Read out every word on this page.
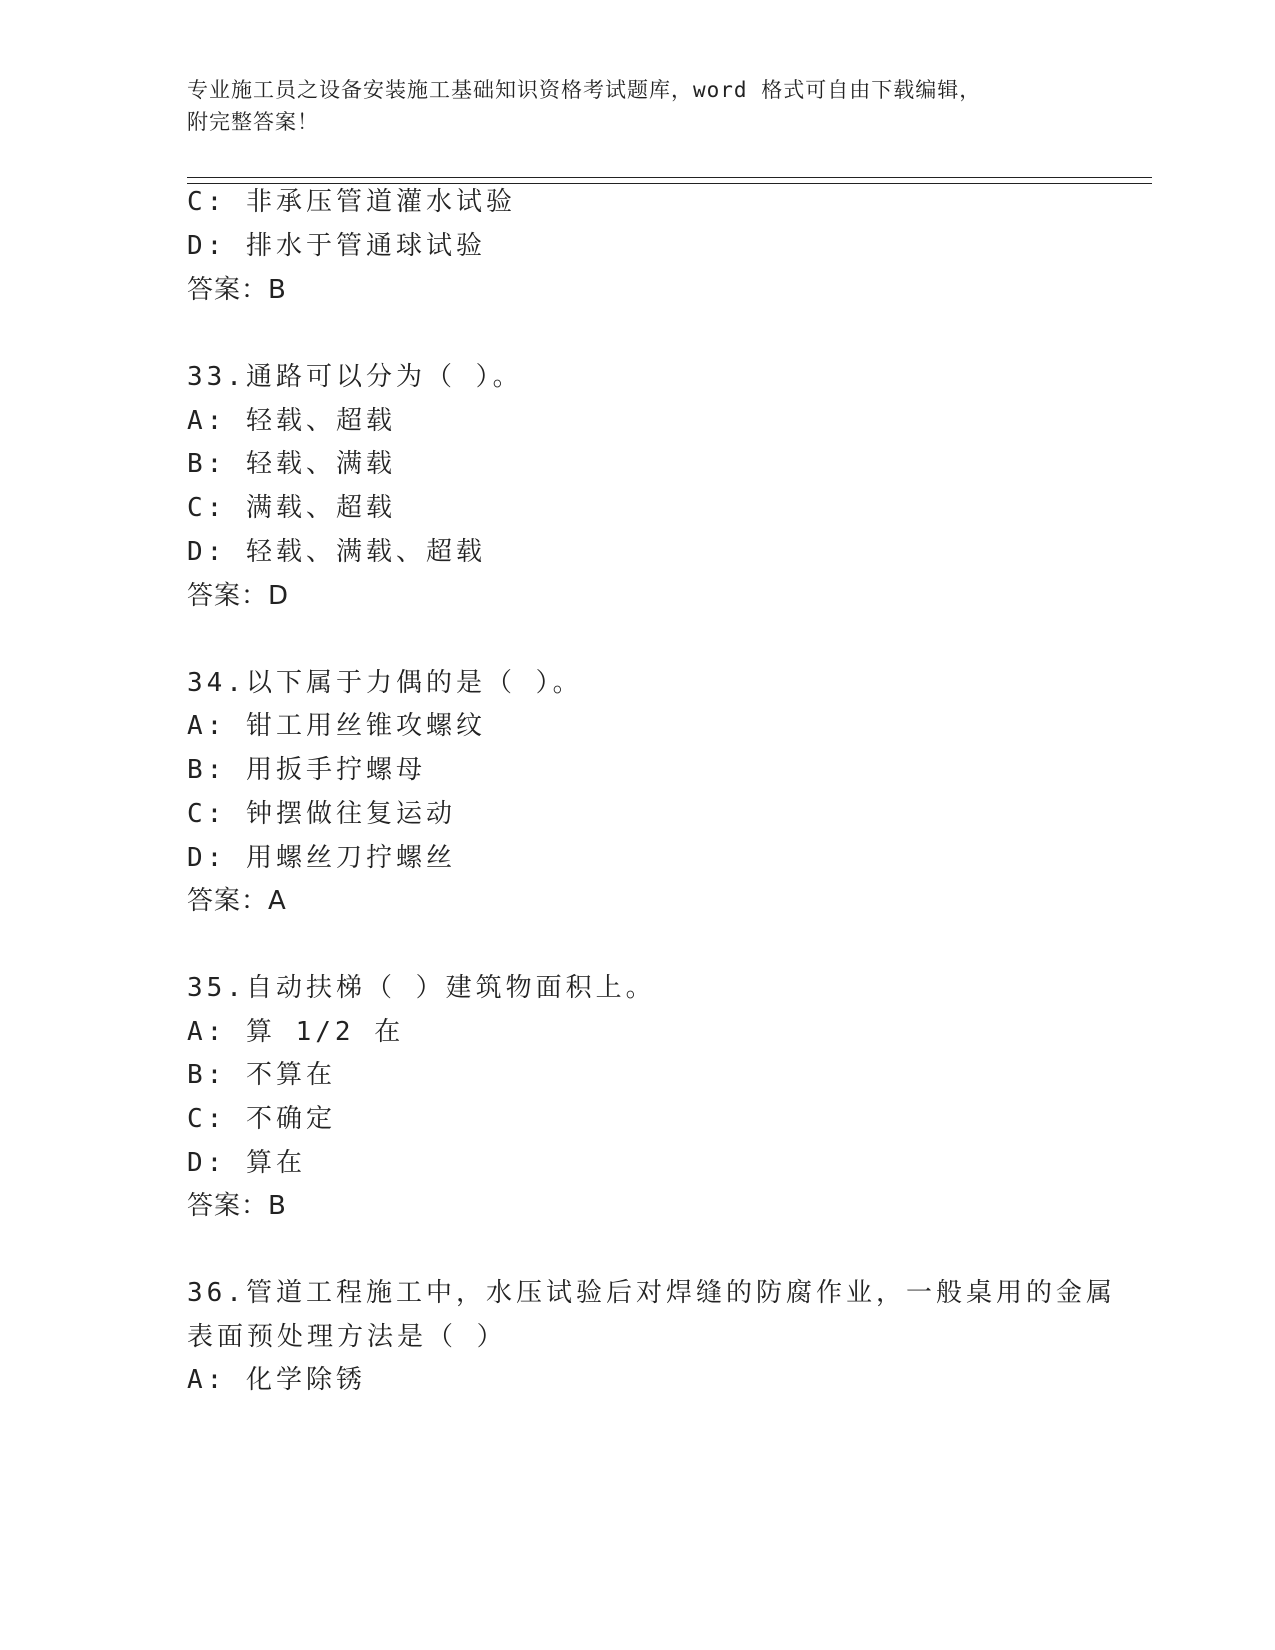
专业施工员之设备安装施工基础知识资格考试题库，word 格式可自由下载编辑，
附完整答案！
C: 非承压管道灌水试验
D: 排水于管通球试验
答案：B
33.通路可以分为（ ）。
A: 轻载、超载
B: 轻载、满载
C: 满载、超载
D: 轻载、满载、超载
答案：D
34.以下属于力偶的是（ ）。
A: 钳工用丝锥攻螺纹
B: 用扳手拧螺母
C: 钟摆做往复运动
D: 用螺丝刀拧螺丝
答案：A
35.自动扶梯（ ）建筑物面积上。
A: 算 1/2 在
B: 不算在
C: 不确定
D: 算在
答案：B
36.管道工程施工中，水压试验后对焊缝的防腐作业，一般桌用的金属
表面预处理方法是（ ）
A: 化学除锈
